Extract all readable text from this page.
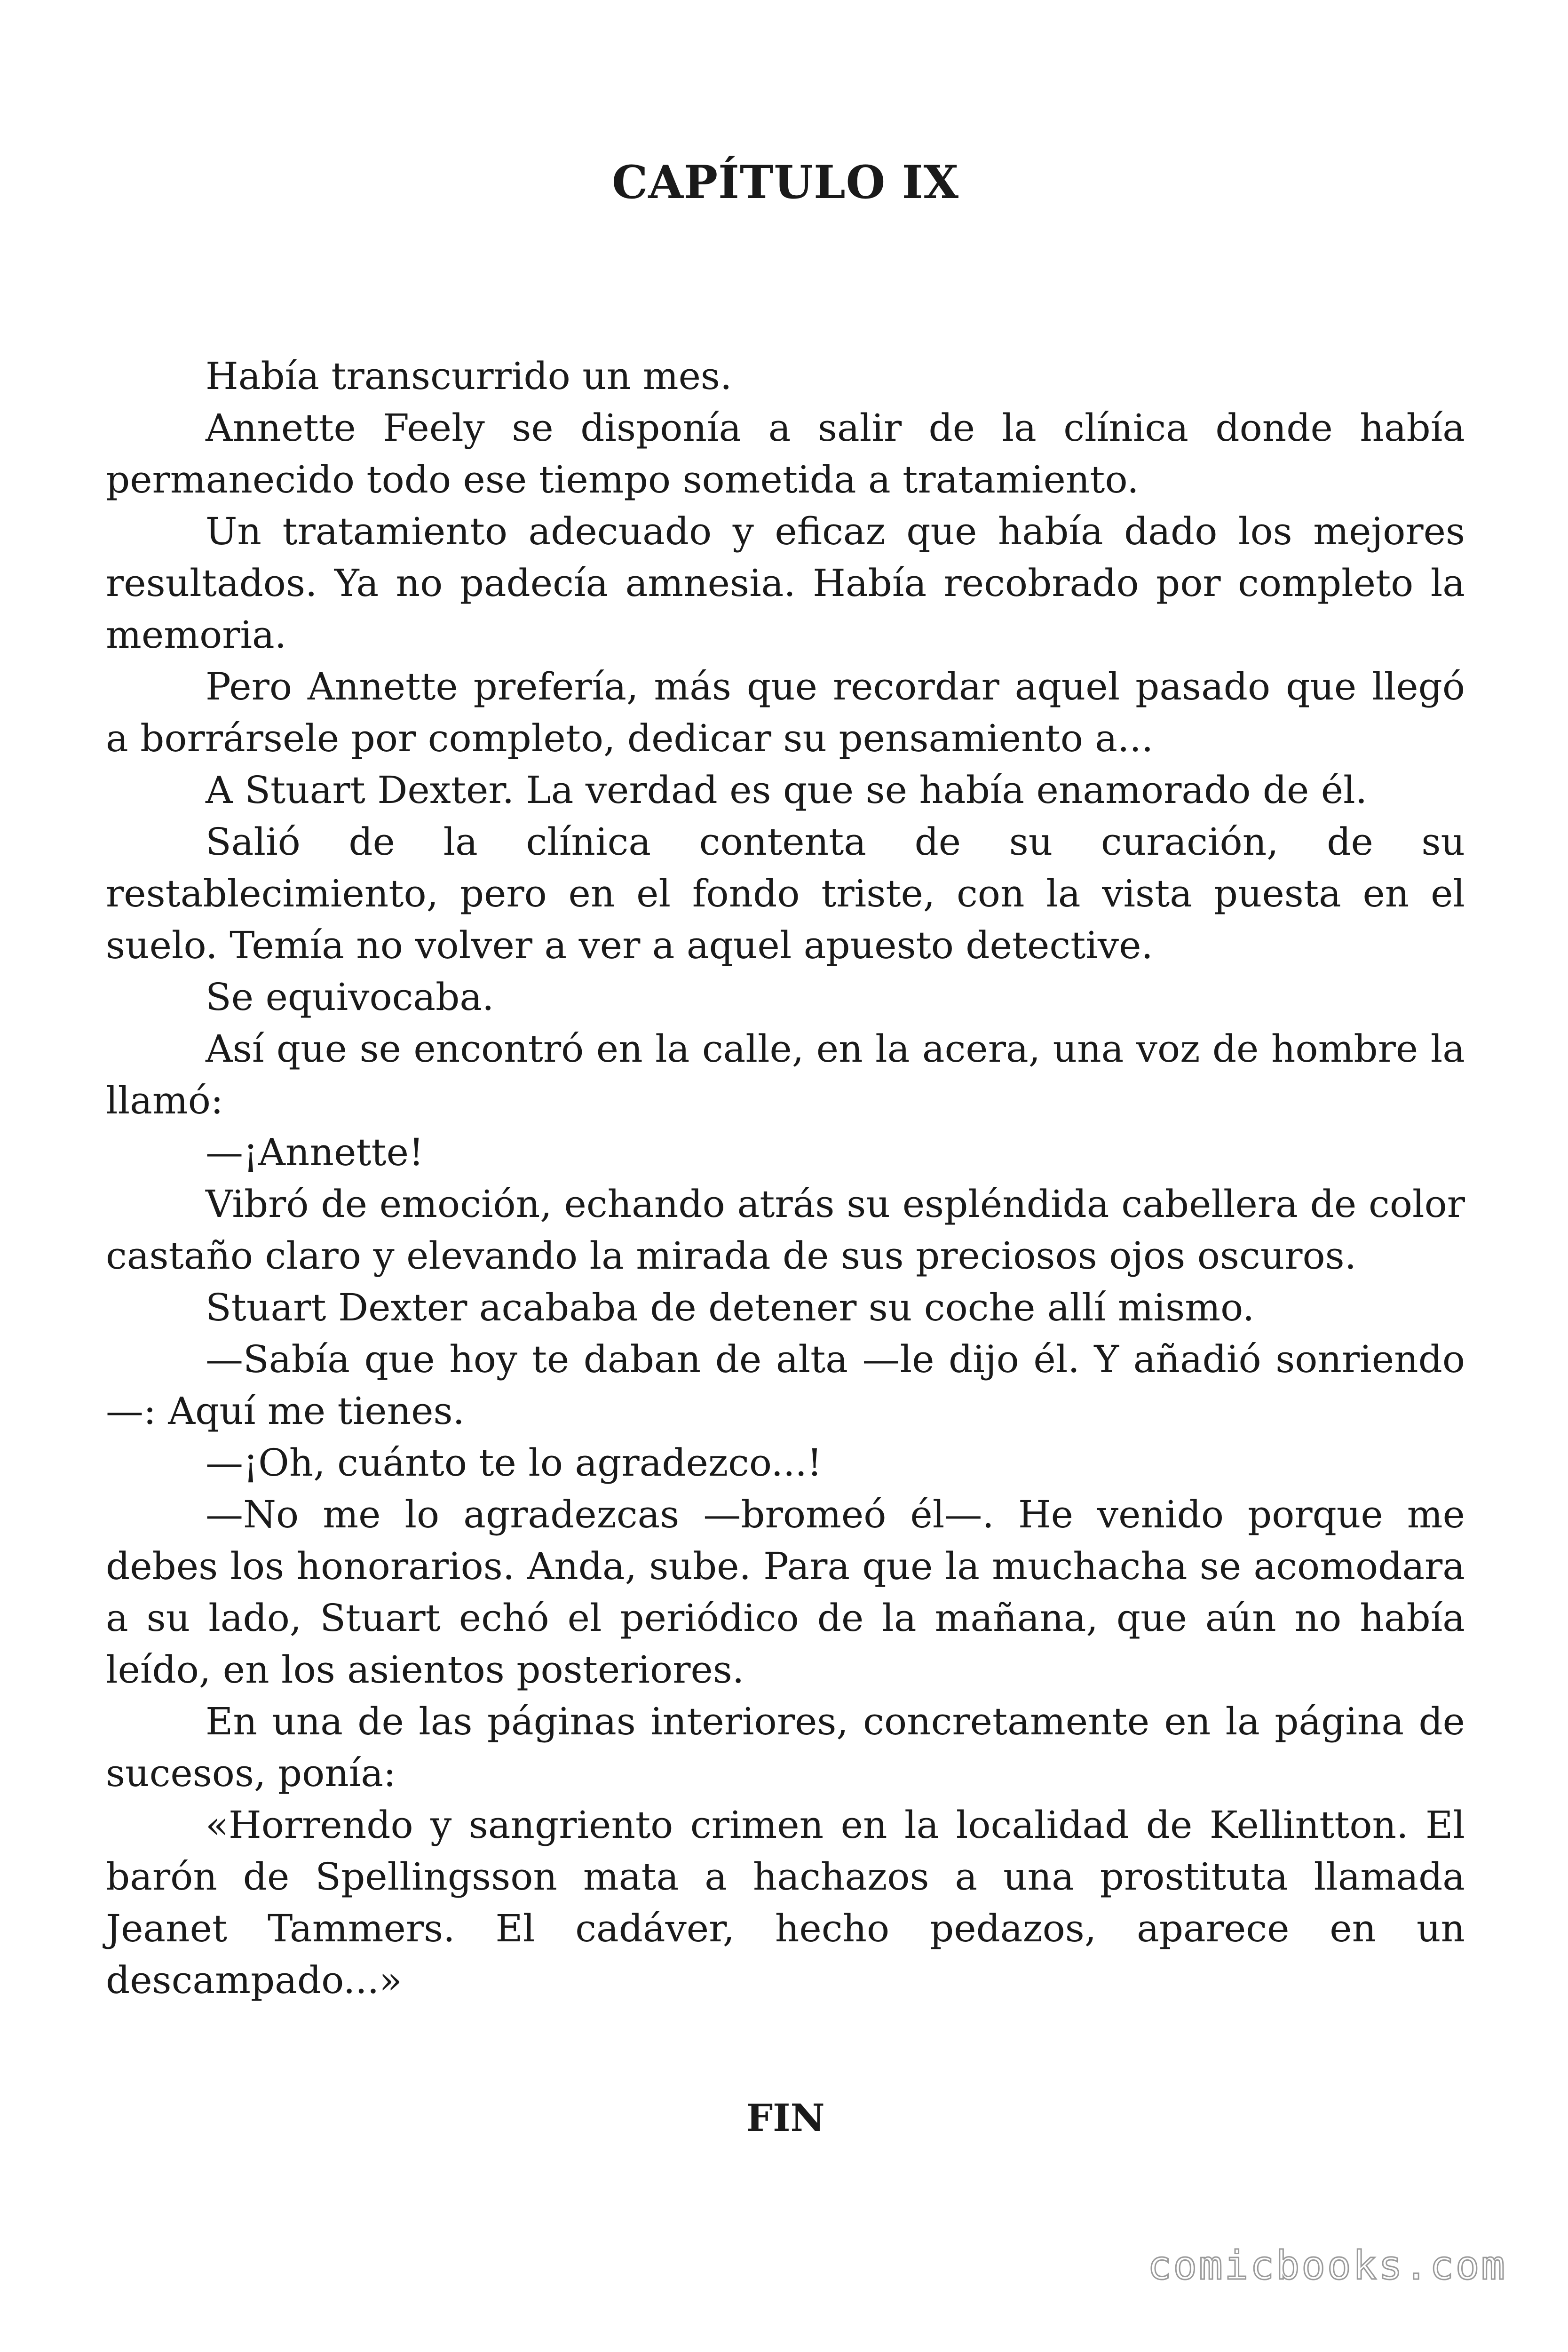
CAPÍTULO IX

Había transcurrido un mes.

Annette Feely se disponía a salir de la clínica donde había permanecido todo ese tiempo sometida a tratamiento.

Un tratamiento adecuado y eficaz que había dado los mejores resultados. Ya no padecía amnesia. Había recobrado por completo la memoria.

Pero Annette prefería, más que recordar aquel pasado que llegó a borrársele por completo, dedicar su pensamiento a...

A Stuart Dexter. La verdad es que se había enamorado de él.

Salió de la clínica contenta de su curación, de su restablecimiento, pero en el fondo triste, con la vista puesta en el suelo. Temía no volver a ver a aquel apuesto detective.

Se equivocaba.

Así que se encontró en la calle, en la acera, una voz de hombre la llamó:

—¡Annette!

Vibró de emoción, echando atrás su espléndida cabellera de color castaño claro y elevando la mirada de sus preciosos ojos oscuros.

Stuart Dexter acababa de detener su coche allí mismo.

—Sabía que hoy te daban de alta —le dijo él. Y añadió sonriendo —: Aquí me tienes.

—¡Oh, cuánto te lo agradezco...!

—No me lo agradezcas —bromeó él—. He venido porque me debes los honorarios. Anda, sube. Para que la muchacha se acomodara a su lado, Stuart echó el periódico de la mañana, que aún no había leído, en los asientos posteriores.

En una de las páginas interiores, concretamente en la página de sucesos, ponía:

«Horrendo y sangriento crimen en la localidad de Kellintton. El barón de Spellingsson mata a hachazos a una prostituta llamada Jeanet Tammers. El cadáver, hecho pedazos, aparece en un descampado...»

FIN
comicbooks.com
